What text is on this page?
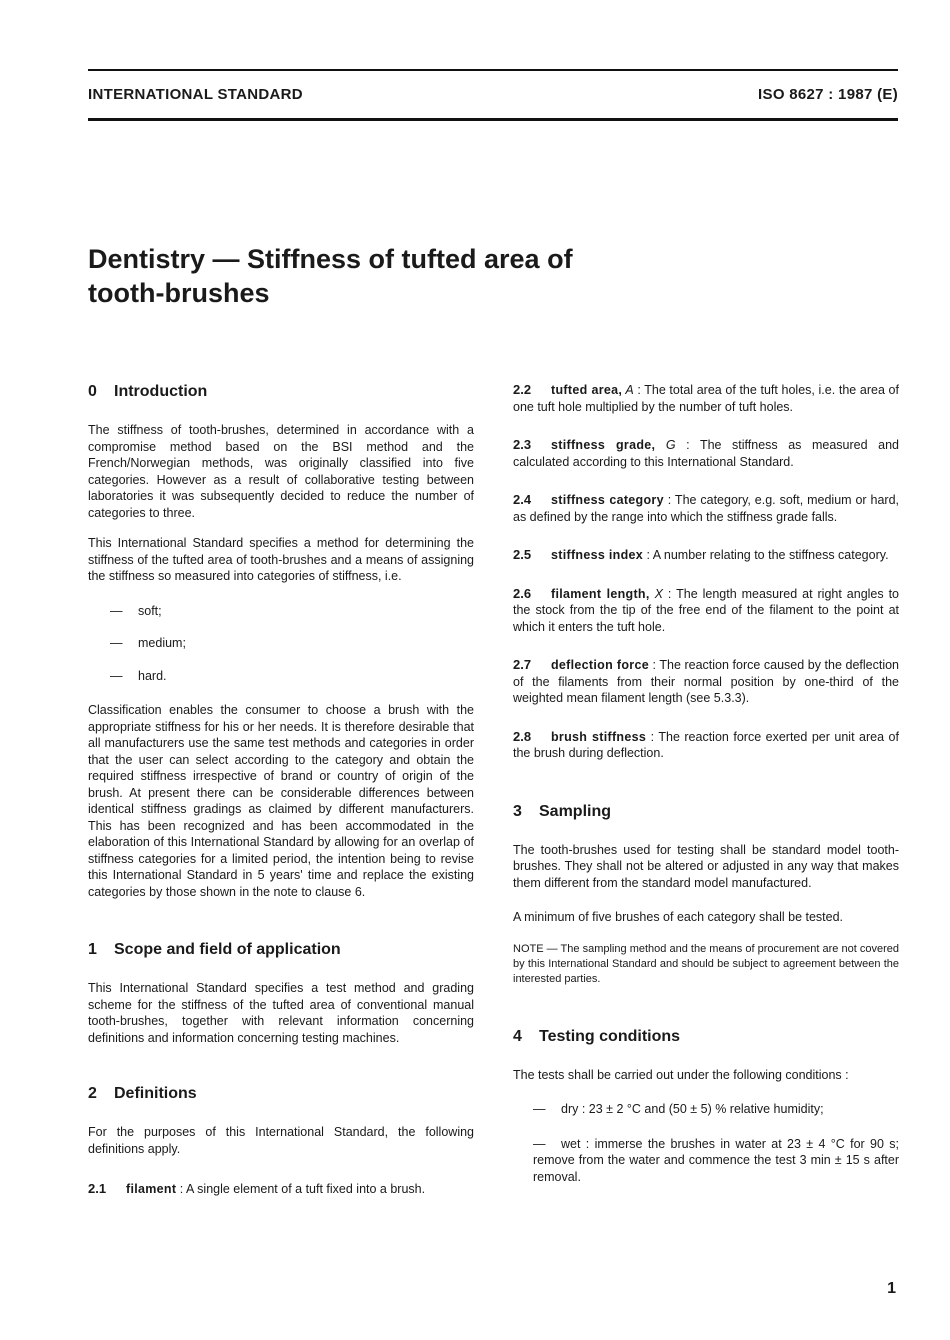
INTERNATIONAL STANDARD	ISO 8627 : 1987 (E)
Dentistry — Stiffness of tufted area of
tooth-brushes
0 Introduction

The stiffness of tooth-brushes, determined in accordance with a compromise method based on the BSI method and the French/Norwegian methods, was originally classified into five categories. However as a result of collaborative testing between laboratories it was subsequently decided to reduce the number of categories to three.

This International Standard specifies a method for determining the stiffness of the tufted area of tooth-brushes and a means of assigning the stiffness so measured into categories of stiffness, i.e.

— soft;
— medium;
— hard.

Classification enables the consumer to choose a brush with the appropriate stiffness for his or her needs. It is therefore desirable that all manufacturers use the same test methods and categories in order that the user can select according to the category and obtain the required stiffness irrespective of brand or country of origin of the brush. At present there can be considerable differences between identical stiffness gradings as claimed by different manufacturers. This has been recognized and has been accommodated in the elaboration of this International Standard by allowing for an overlap of stiffness categories for a limited period, the intention being to revise this International Standard in 5 years' time and replace the existing categories by those shown in the note to clause 6.

1 Scope and field of application

This International Standard specifies a test method and grading scheme for the stiffness of the tufted area of conventional manual tooth-brushes, together with relevant information concerning definitions and information concerning testing machines.

2 Definitions

For the purposes of this International Standard, the following definitions apply.

2.1 filament : A single element of a tuft fixed into a brush.

2.2 tufted area, A : The total area of the tuft holes, i.e. the area of one tuft hole multiplied by the number of tuft holes.

2.3 stiffness grade, G : The stiffness as measured and calculated according to this International Standard.

2.4 stiffness category : The category, e.g. soft, medium or hard, as defined by the range into which the stiffness grade falls.

2.5 stiffness index : A number relating to the stiffness category.

2.6 filament length, X : The length measured at right angles to the stock from the tip of the free end of the filament to the point at which it enters the tuft hole.

2.7 deflection force : The reaction force caused by the deflection of the filaments from their normal position by one-third of the weighted mean filament length (see 5.3.3).

2.8 brush stiffness : The reaction force exerted per unit area of the brush during deflection.

3 Sampling

The tooth-brushes used for testing shall be standard model tooth-brushes. They shall not be altered or adjusted in any way that makes them different from the standard model manufactured.

A minimum of five brushes of each category shall be tested.

NOTE — The sampling method and the means of procurement are not covered by this International Standard and should be subject to agreement between the interested parties.
4 Testing conditions

The tests shall be carried out under the following conditions :

— dry : 23 ± 2 °C and (50 ± 5) % relative humidity;
— wet : immerse the brushes in water at 23 ± 4 °C for 90 s; remove from the water and commence the test 3 min ± 15 s after removal.
1
